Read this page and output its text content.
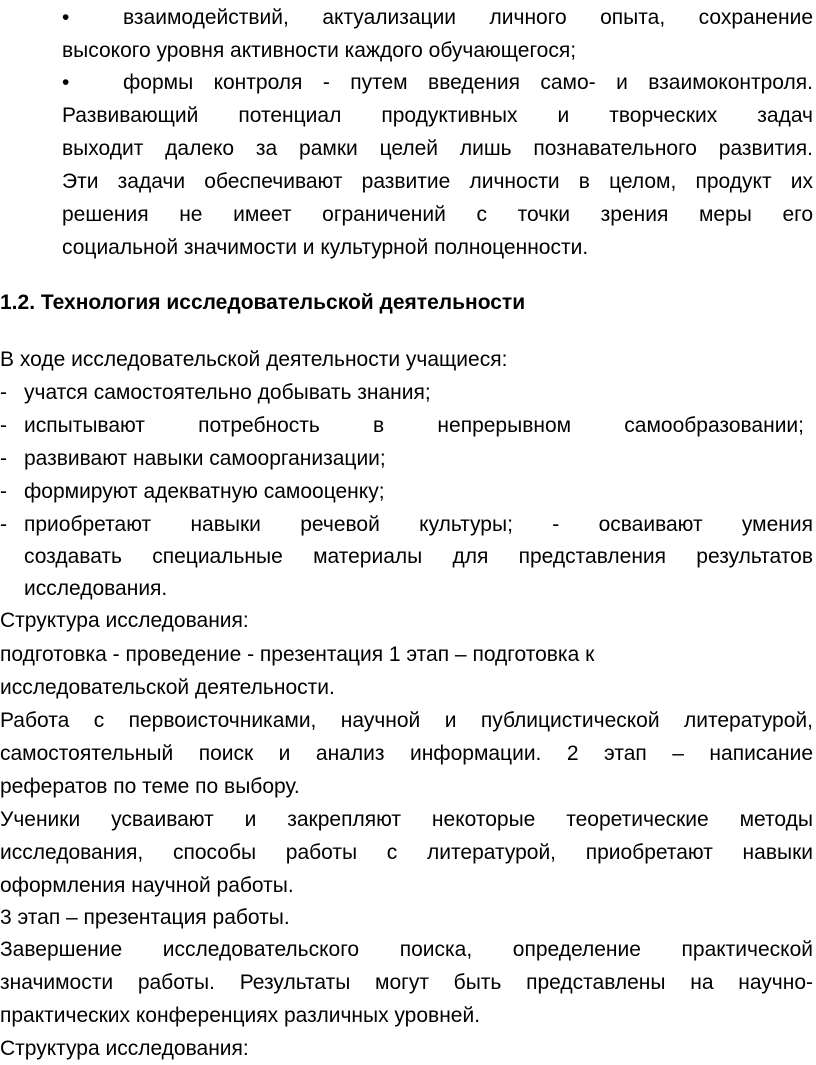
•	взаимодействий, актуализации личного опыта, сохранение
высокого уровня активности каждого обучающегося;
•	формы контроля - путем введения само- и взаимоконтроля.
Развивающий потенциал продуктивных и творческих задач
выходит далеко за рамки целей лишь познавательного развития.
Эти задачи обеспечивают развитие личности в целом, продукт их
решения не имеет ограничений с точки зрения меры его
социальной значимости и культурной полноценности.
1.2. Технология исследовательской деятельности
В ходе исследовательской деятельности учащиеся:
- учатся самостоятельно добывать знания;
- испытывают потребность в непрерывном самообразовании;
- развивают навыки самоорганизации;
- формируют адекватную самооценку;
- приобретают навыки речевой культуры; - осваивают умения
создавать специальные материалы для представления результатов
исследования.
Структура исследования:
подготовка - проведение - презентация 1 этап – подготовка к
исследовательской деятельности.
Работа с первоисточниками, научной и публицистической литературой,
самостоятельный поиск и анализ информации. 2 этап – написание
рефератов по теме по выбору.
Ученики усваивают и закрепляют некоторые теоретические методы
исследования, способы работы с литературой, приобретают навыки
оформления научной работы.
3 этап – презентация работы.
Завершение исследовательского поиска, определение практической
значимости работы. Результаты могут быть представлены на научно-
практических конференциях различных уровней.
Структура исследования:
